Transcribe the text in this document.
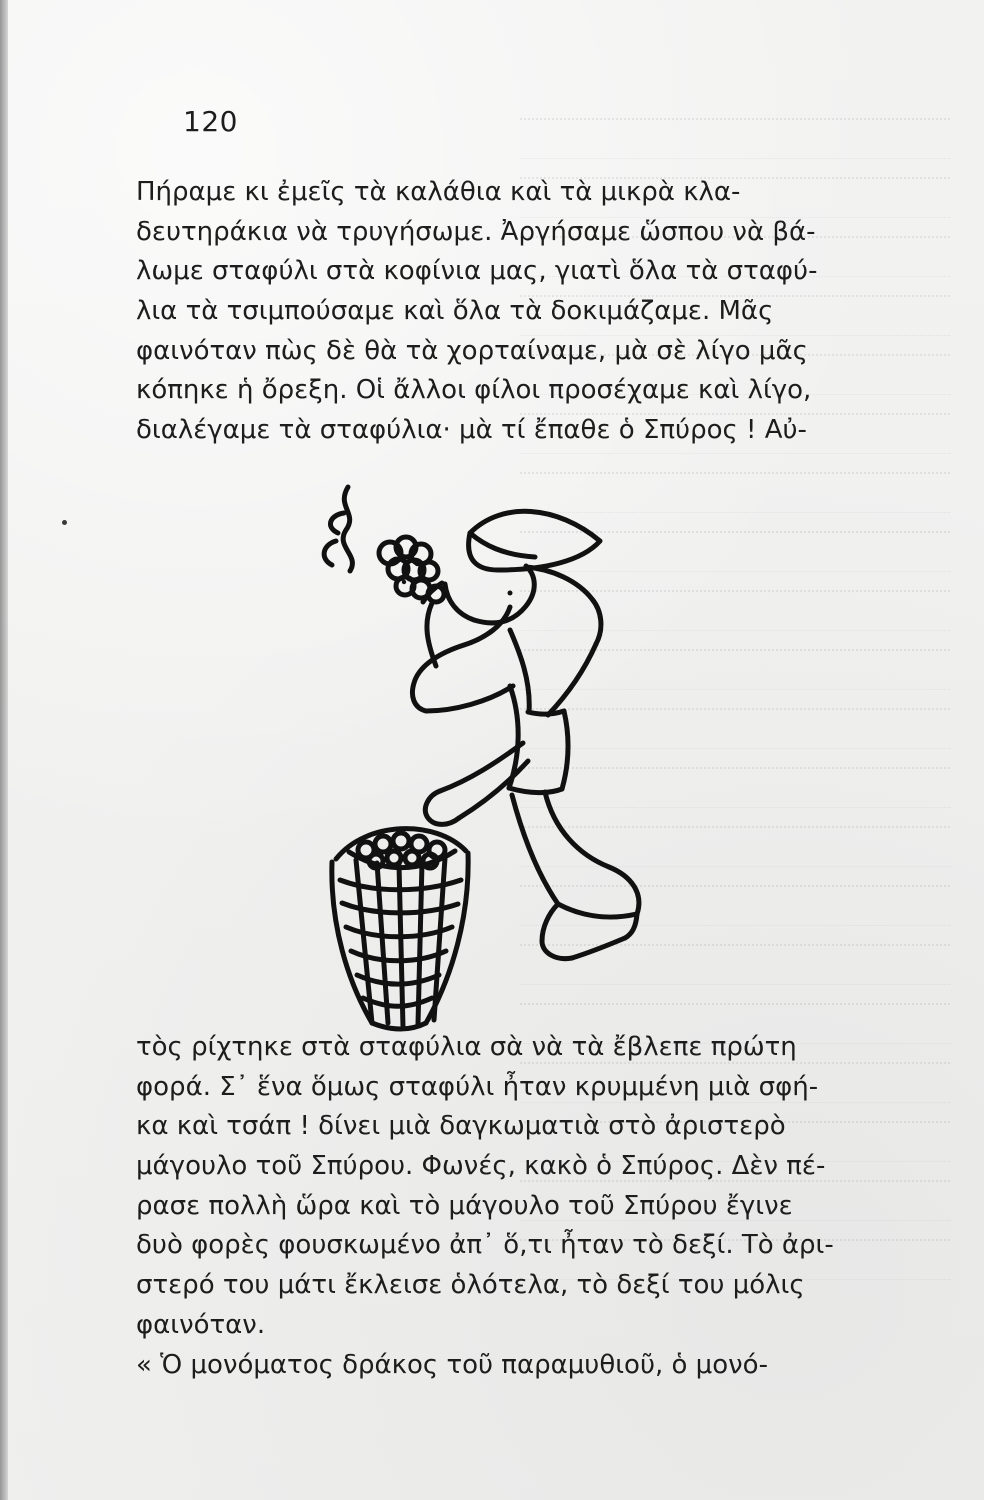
120
Πήραμε κι ἐμεῖς τὰ καλάθια καὶ τὰ μικρὰ κλα-
δευτηράκια νὰ τρυγήσωμε. Ἀργήσαμε ὥσπου νὰ βά-
λωμε σταφύλι στὰ κοφίνια μας, γιατὶ ὅλα τὰ σταφύ-
λια τὰ τσιμπούσαμε καὶ ὅλα τὰ δοκιμάζαμε. Μᾶς
φαινόταν πὼς δὲ θὰ τὰ χορταίναμε, μὰ σὲ λίγο μᾶς
κόπηκε ἡ ὄρεξη. Οἱ ἄλλοι φίλοι προσέχαμε καὶ λίγο,
διαλέγαμε τὰ σταφύλια· μὰ τί ἔπαθε ὁ Σπύρος ! Αὐ-
τὸς ρίχτηκε στὰ σταφύλια σὰ νὰ τὰ ἔβλεπε πρώτη
φορά. Σ᾿ ἕνα ὅμως σταφύλι ἦταν κρυμμένη μιὰ σφή-
κα καὶ τσάπ ! δίνει μιὰ δαγκωματιὰ στὸ ἀριστερὸ
μάγουλο τοῦ Σπύρου. Φωνές, κακὸ ὁ Σπύρος. Δὲν πέ-
ρασε πολλὴ ὥρα καὶ τὸ μάγουλο τοῦ Σπύρου ἔγινε
δυὸ φορὲς φουσκωμένο ἀπ᾿ ὅ,τι ἦταν τὸ δεξί. Τὸ ἀρι-
στερό του μάτι ἔκλεισε ὁλότελα, τὸ δεξί του μόλις
φαινόταν.
« Ὁ μονόματος δράκος τοῦ παραμυθιοῦ, ὁ μονό-
